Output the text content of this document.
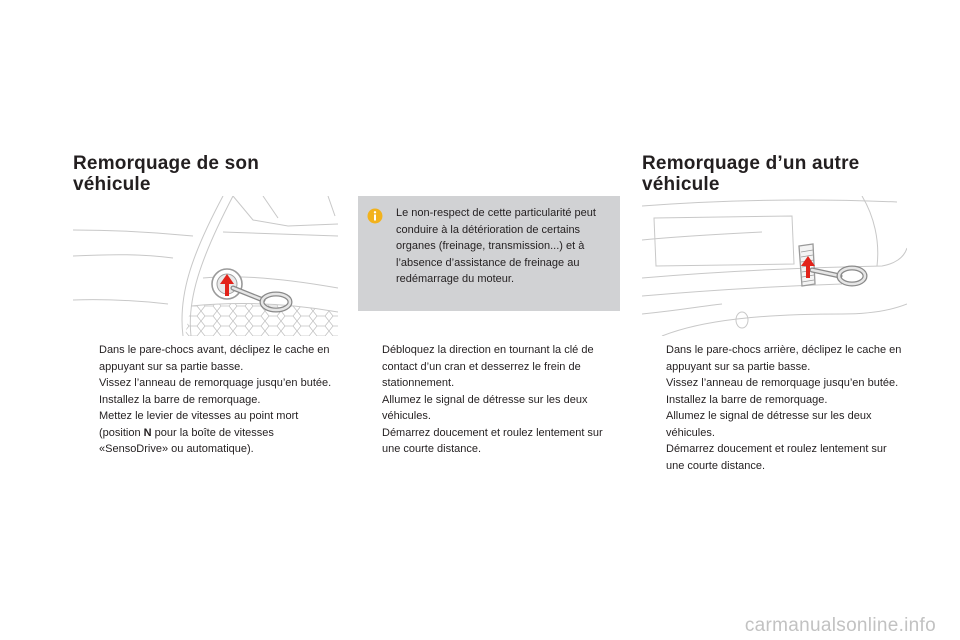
Remorquage de son
véhicule
Remorquage d’un autre
véhicule

Le non-respect de cette particularité peut conduire à la détérioration de certains organes (freinage, transmission...) et à l’absence d’assistance de freinage au redémarrage du moteur.

Dans le pare-chocs avant, déclipez le cache en appuyant sur sa partie basse.
Vissez l’anneau de remorquage jusqu’en butée.
Installez la barre de remorquage.
Mettez le levier de vitesses au point mort (position N pour la boîte de vitesses «SensoDrive» ou automatique).
Débloquez la direction en tournant la clé de contact d’un cran et desserrez le frein de stationnement.
Allumez le signal de détresse sur les deux véhicules.
Démarrez doucement et roulez lentement sur une courte distance.
Dans le pare-chocs arrière, déclipez le cache en appuyant sur sa partie basse.
Vissez l’anneau de remorquage jusqu’en butée.
Installez la barre de remorquage.
Allumez le signal de détresse sur les deux véhicules.
Démarrez doucement et roulez lentement sur une courte distance.
carmanualsonline.info
